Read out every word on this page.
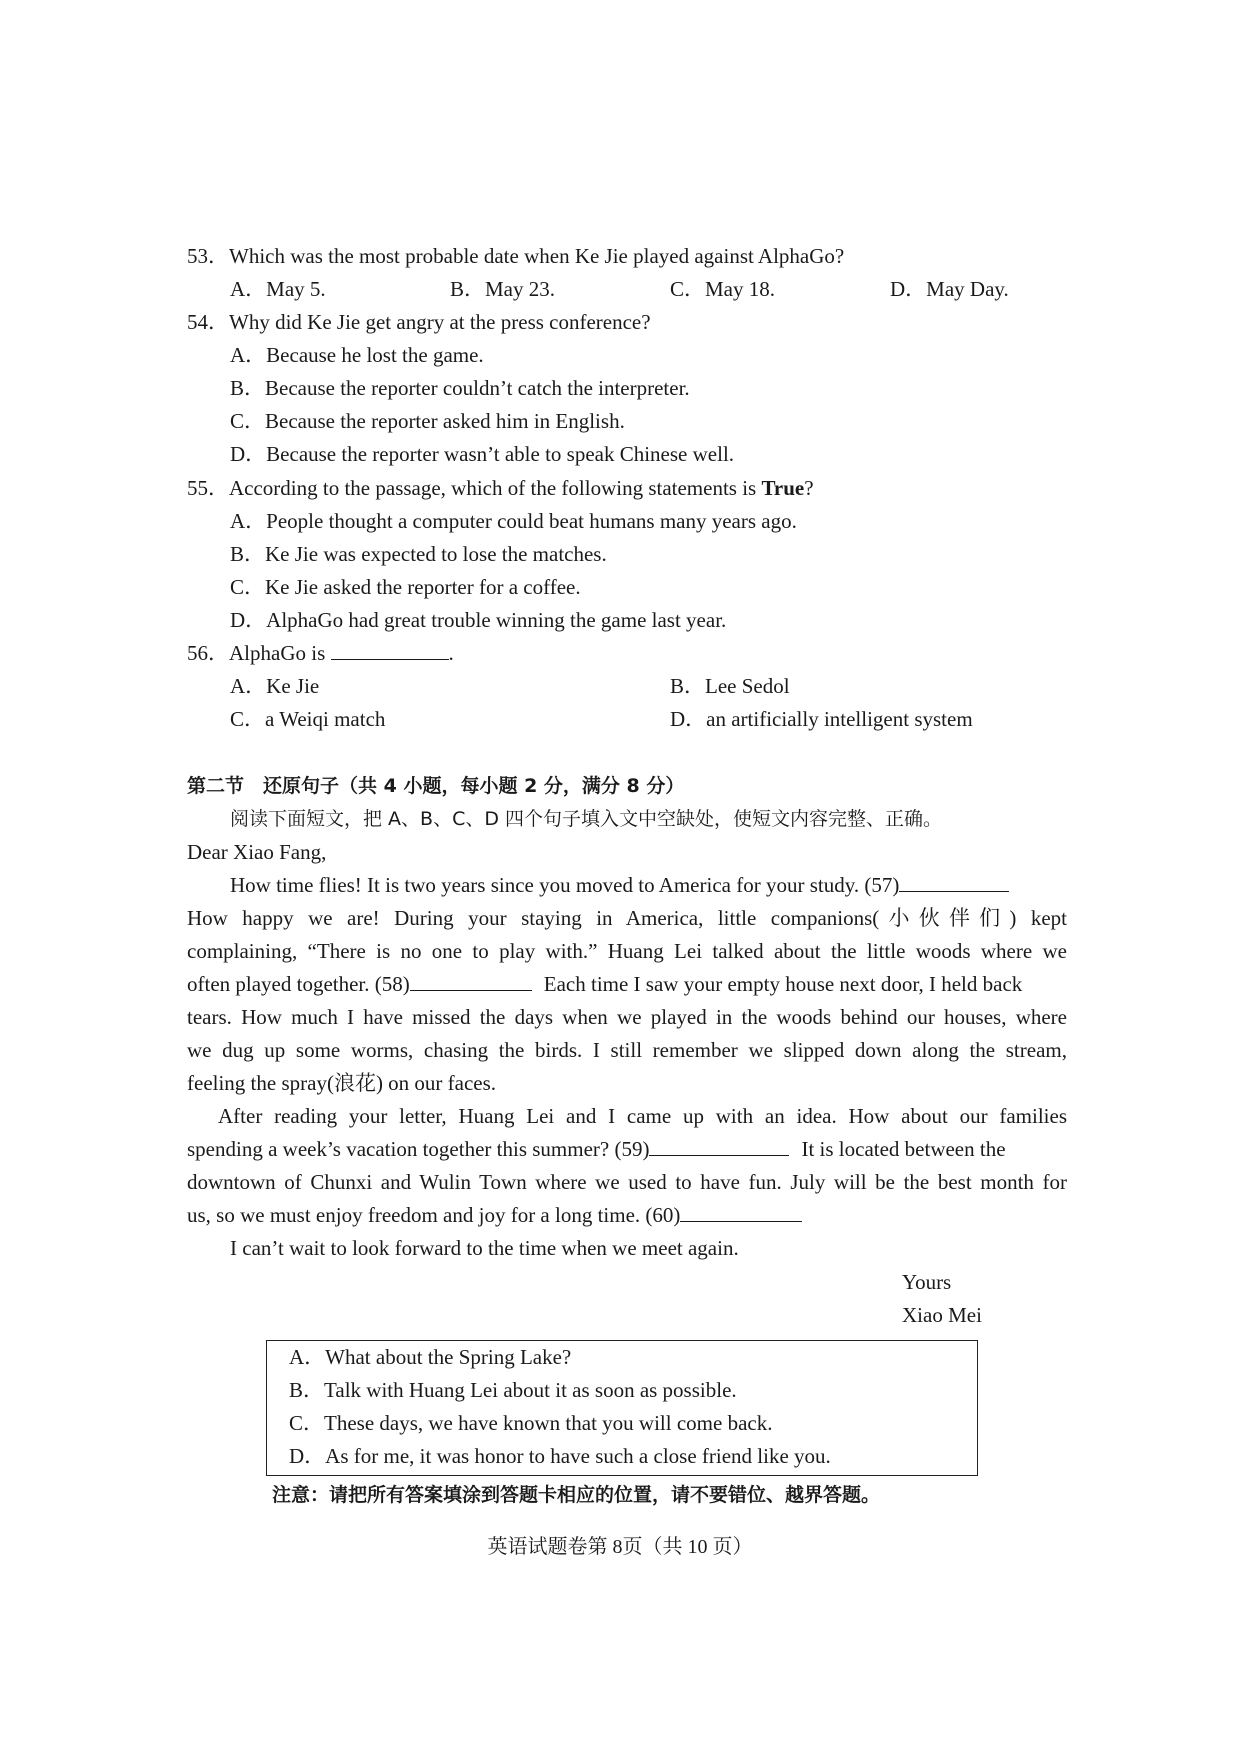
53．Which was the most probable date when Ke Jie played against AlphaGo?
A．May 5.	B．May 23.	C．May 18.	D．May Day.
54．Why did Ke Jie get angry at the press conference?
A．Because he lost the game.
B．Because the reporter couldn’t catch the interpreter.
C．Because the reporter asked him in English.
D．Because the reporter wasn’t able to speak Chinese well.
55．According to the passage, which of the following statements is True?
A．People thought a computer could beat humans many years ago.
B．Ke Jie was expected to lose the matches.
C．Ke Jie asked the reporter for a coffee.
D．AlphaGo had great trouble winning the game last year.
56．AlphaGo is	.
A．Ke Jie	B．Lee Sedol
C．a Weiqi match	D．an artificially intelligent system
第二节　还原句子（共 4 小题，每小题 2 分，满分 8 分）
阅读下面短文，把 A、B、C、D 四个句子填入文中空缺处，使短文内容完整、正确。
Dear Xiao Fang,
How time flies! It is two years since you moved to America for your study. (57)
How happy we are! During your staying in America, little companions(小伙伴们) kept
complaining, “There is no one to play with.” Huang Lei talked about the little woods where we
often played together. (58)	Each time I saw your empty house next door, I held back
tears. How much I have missed the days when we played in the woods behind our houses, where
we dug up some worms, chasing the birds. I still remember we slipped down along the stream,
feeling the spray(浪花) on our faces.
After reading your letter, Huang Lei and I came up with an idea. How about our families
spending a week’s vacation together this summer? (59)	It is located between the
downtown of Chunxi and Wulin Town where we used to have fun. July will be the best month for
us, so we must enjoy freedom and joy for a long time. (60)
I can’t wait to look forward to the time when we meet again.
Yours
Xiao Mei
A．What about the Spring Lake?
B．Talk with Huang Lei about it as soon as possible.
C．These days, we have known that you will come back.
D．As for me, it was honor to have such a close friend like you.
注意：请把所有答案填涂到答题卡相应的位置，请不要错位、越界答题。
英语试题卷第 8页（共 10 页）
